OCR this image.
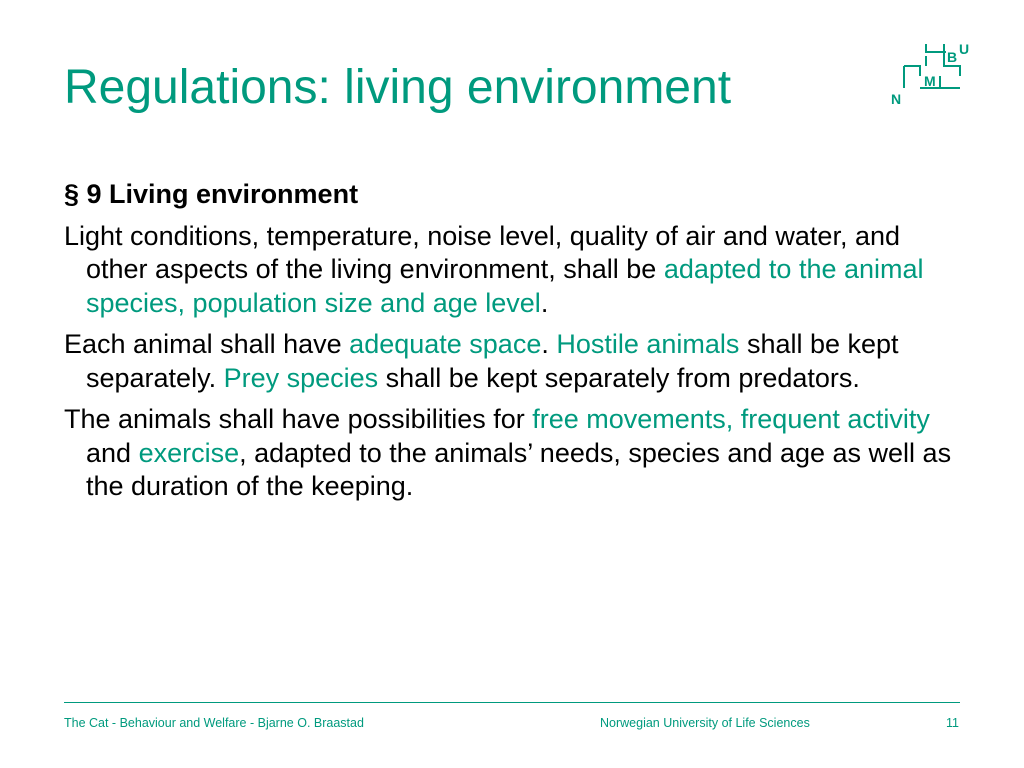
Regulations: living environment	N
M
B U

§ 9 Living environment

Light conditions, temperature, noise level, quality of air and water, and other aspects of the living environment, shall be adapted to the animal species, population size and age level.

Each animal shall have adequate space. Hostile animals shall be kept separately. Prey species shall be kept separately from predators.

The animals shall have possibilities for free movements, frequent activity and exercise, adapted to the animals’ needs, species and age as well as the duration of the keeping.

The Cat - Behaviour and Welfare - Bjarne O. Braastad	Norwegian University of Life Sciences	11
